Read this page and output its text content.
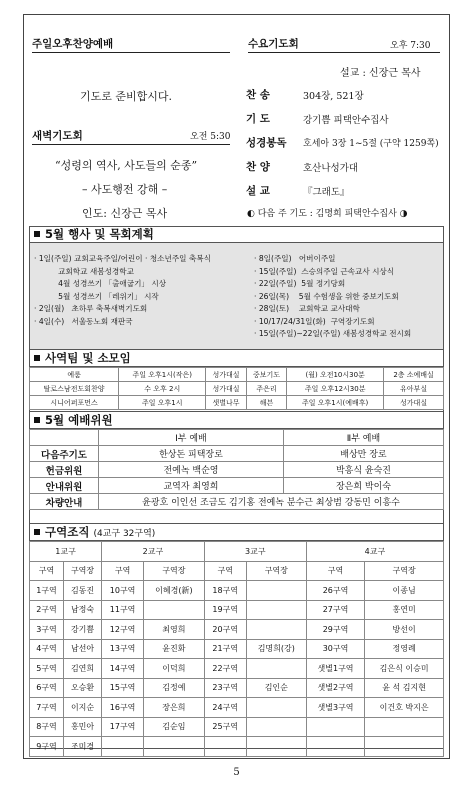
주일오후찬양예배
기도로 준비합시다.
새벽기도회	오전 5:30
“성령의 역사, 사도들의 순종”
– 사도행전 강해 –
인도: 신장근 목사
수요기도회	오후 7:30
설교 : 신장근 목사
찬 송	304장, 521장
기 도	강기쁨 피택안수집사
성경봉독 호세아 3장 1~5절 (구약 1259쪽)
찬 양	호산나성가대
설 교	『그래도』
◐ 다음 주 기도 : 김명희 피택안수집사 ◑
5월 행사 및 목회계획
· 1일(주일) 교회교육주일/어린이 · 청소년주일 축복식
교회학교 새봄성경학교
4월 성경쓰기 「출애굽기」 시상
5월 성경쓰기 「레위기」 시작
· 2일(월)   초하루 축복새벽기도회
· 4일(수)   서울동노회 재판국
· 8일(주일)   어버이주일
· 15일(주일)  스승의주일 근속교사 시상식
· 22일(주일)  5월 정기당회
· 26일(목)    5월 수험생을 위한 중보기도회
· 28일(토)    교회학교 교사대학
· 10/17/24/31일(화)  구역장기도회
· 15일(주일)~22일(주일) 새봄성경학교 전시회
사역팀 및 소모임
예룸	주일 오후1시(작은)	성가대실	중보기도	(월) 오전10시30분	2층 소예배실
탈로스남전도회찬양	수 오후 2시	성가대실	주은리	주일 오후12시30분	유아부실
시니어퍼포먼스	주일 오후1시	샛별나무	해븐	주일 오후1시(예배후)	성가대실
5월 예배위원
	Ⅰ부 예배	Ⅱ부 예배
다음주기도	한상돈 피택장로	배상만 장로
헌금위원	전예녹 백순영	박흥식 윤숙진
안내위원	교역자 최영희	장은희 박이숙
차량안내	윤광호 이인선 조금도 김기홍 전예녹 분수근 최상범 강동민 이흥수	
구역조직 (4교구 32구역)
1교구		2교구		3교구		4교구	
구역	구역장	구역	구역장	구역	구역장	구역	구역장
1구역	김동진	10구역	이혜경(新)	18구역		26구역	이종님
2구역	남정숙	11구역		19구역		27구역	홍연미
3구역	강기쁨	12구역	최영희	20구역		29구역	방선이
4구역	남선아	13구역	윤진화	21구역	김명희(강)	30구역	정영례
5구역	김연희	14구역	이덕희	22구역		샛별1구역	김은식 이승미
6구역	오승환	15구역	김정예	23구역	김인순	샛별2구역	윤 석 김지현
7구역	이지순	16구역	장은희	24구역		샛별3구역	이건호 박지은
8구역	홍민아	17구역	김순임	25구역			
9구역	조미경						
5
